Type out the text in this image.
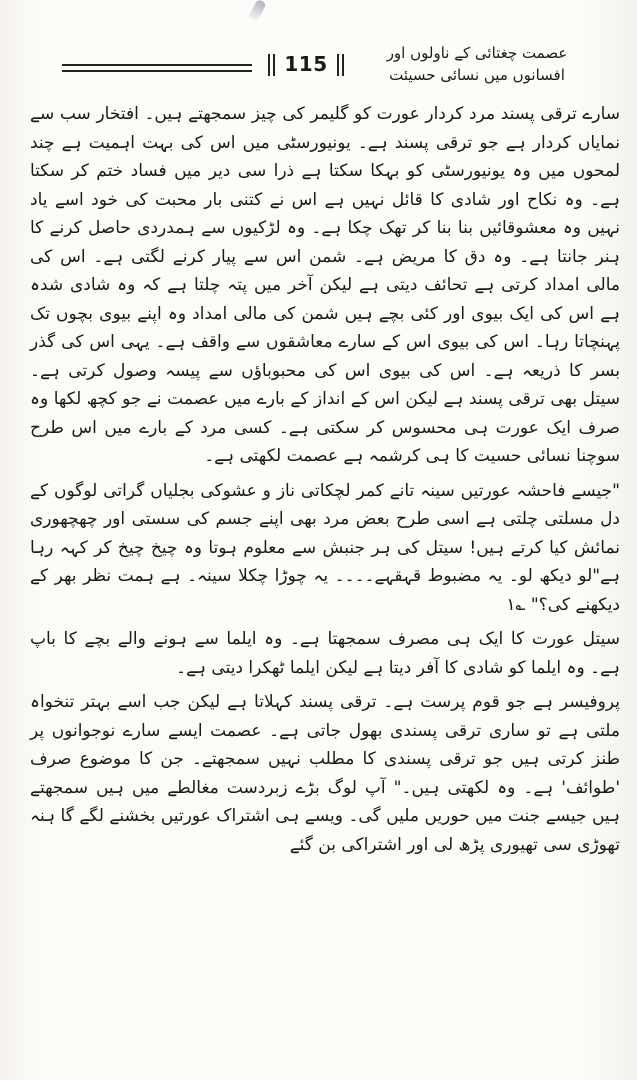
115	عصمت چغتائی کے ناولوں اور
افسانوں میں نسائی حسیئت

سارے ترقی پسند مرد کردار عورت کو گلیمر کی چیز سمجھتے ہیں۔ افتخار سب سے نمایاں کردار ہے جو ترقی پسند ہے۔ یونیورسٹی میں اس کی بہت اہمیت ہے چند لمحوں میں وہ یونیورسٹی کو بہکا سکتا ہے ذرا سی دیر میں فساد ختم کر سکتا ہے۔ وہ نکاح اور شادی کا قائل نہیں ہے اس نے کتنی بار محبت کی خود اسے یاد نہیں وہ معشوقائیں بنا بنا کر تھک چکا ہے۔ وہ لڑکیوں سے ہمدردی حاصل کرنے کا ہنر جانتا ہے۔ وہ دق کا مریض ہے۔ شمن اس سے پیار کرنے لگتی ہے۔ اس کی مالی امداد کرتی ہے تحائف دیتی ہے لیکن آخر میں پتہ چلتا ہے کہ وہ شادی شدہ ہے اس کی ایک بیوی اور کئی بچے ہیں شمن کی مالی امداد وہ اپنے بیوی بچوں تک پہنچاتا رہا۔ اس کی بیوی اس کے سارے معاشقوں سے واقف ہے۔ یہی اس کی گذر بسر کا ذریعہ ہے۔ اس کی بیوی اس کی محبوباؤں سے پیسہ وصول کرتی ہے۔ سیتل بھی ترقی پسند ہے لیکن اس کے انداز کے بارے میں عصمت نے جو کچھ لکھا وہ صرف ایک عورت ہی محسوس کر سکتی ہے۔ کسی مرد کے بارے میں اس طرح سوچنا نسائی حسیت کا ہی کرشمہ ہے عصمت لکھتی ہے۔

"جیسے فاحشہ عورتیں سینہ تانے کمر لچکاتی ناز و عشوکی بجلیاں گراتی لوگوں کے دل مسلتی چلتی ہے اسی طرح بعض مرد بھی اپنے جسم کی سستی اور چھچھوری نمائش کیا کرتے ہیں! سیتل کی ہر جنبش سے معلوم ہوتا وہ چیخ چیخ کر کہہ رہا ہے"لو دیکھ لو۔ یہ مضبوط قہقہے۔۔۔۔ یہ چوڑا چکلا سینہ۔ ہے ہمت نظر بھر کے دیکھنے کی؟" ؎۱

سیتل عورت کا ایک ہی مصرف سمجھتا ہے۔ وہ ایلما سے ہونے والے بچے کا باپ ہے۔ وہ ایلما کو شادی کا آفر دیتا ہے لیکن ایلما ٹھکرا دیتی ہے۔

پروفیسر ہے جو قوم پرست ہے۔ ترقی پسند کہلاتا ہے لیکن جب اسے بہتر تنخواہ ملتی ہے تو ساری ترقی پسندی بھول جاتی ہے۔ عصمت ایسے سارے نوجوانوں پر طنز کرتی ہیں جو ترقی پسندی کا مطلب نہیں سمجھتے۔ جن کا موضوع صرف 'طوائف' ہے۔ وہ لکھتی ہیں۔" آپ لوگ بڑے زبردست مغالطے میں ہیں سمجھتے ہیں جیسے جنت میں حوریں ملیں گی۔ ویسے ہی اشتراک عورتیں بخشنے لگے گا ہنہ تھوڑی سی تھیوری پڑھ لی اور اشتراکی بن گئے
